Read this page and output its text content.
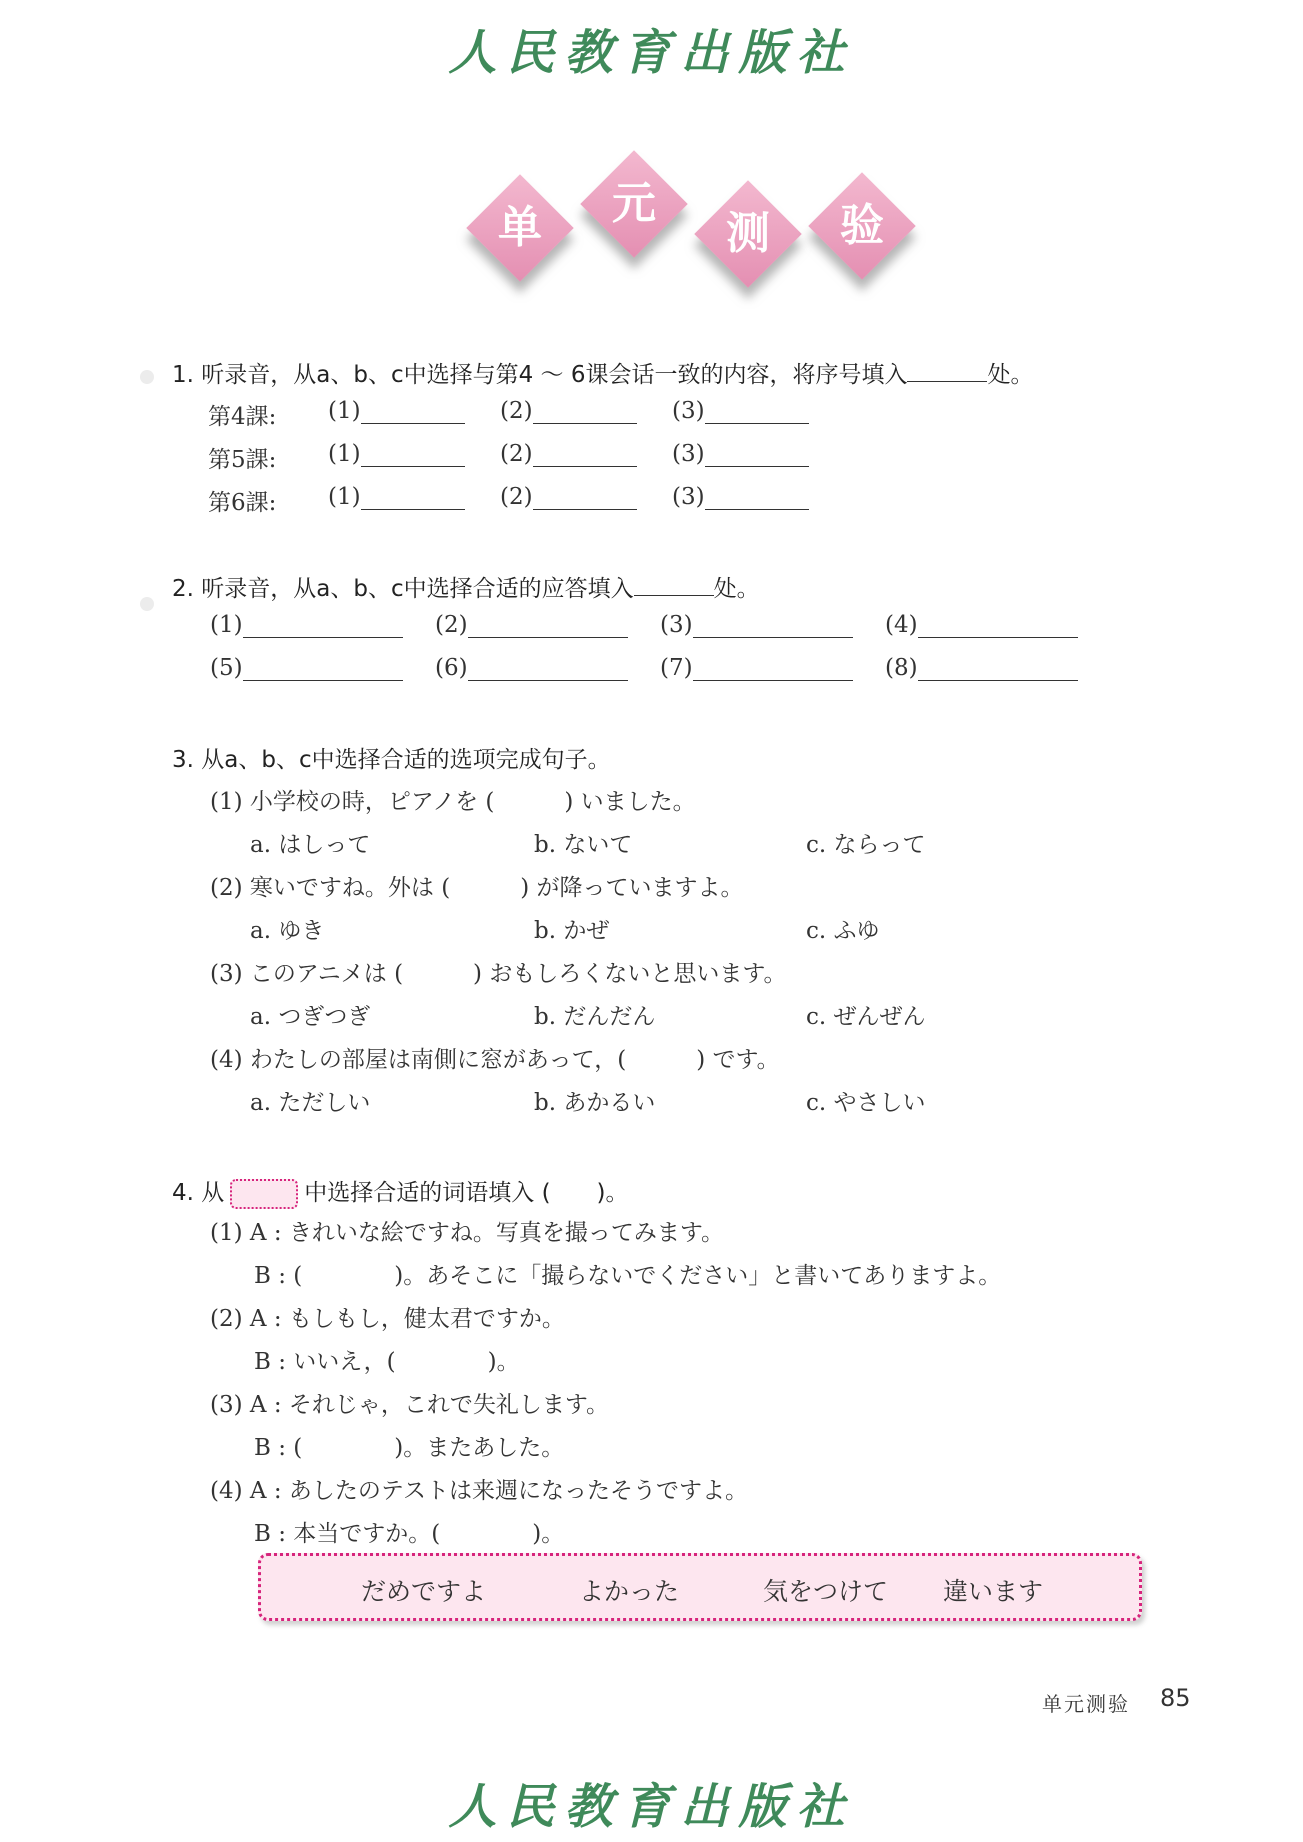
人民教育出版社
单	元
测	验
1. 听录音，从a、b、c中选择与第4 ～ 6课会话一致的内容，将序号填入	处。
第4課: (1)	(2)	(3)
第5課: (1)	(2)	(3)
第6課: (1)	(2)	(3)
2. 听录音，从a、b、c中选择合适的应答填入	处。
(1)	(2)	(3)	(4)
(5)	(6)	(7)	(8)
3. 从a、b、c中选择合适的选项完成句子。
(1) 小学校の時，ピアノを (	) いました。
a. はしって	b. ないて	c. ならって
(2) 寒いですね。外は (	) が降っていますよ。
a. ゆき	b. かぜ	c. ふゆ
(3) このアニメは (	) おもしろくないと思います。
a. つぎつぎ	b. だんだん	c. ぜんぜん
(4) わたしの部屋は南側に窓があって，(	) です。
a. ただしい	b. あかるい	c. やさしい
4. 从	中选择合适的词语填入 (　　)。
(1) A : きれいな絵ですね。写真を撮ってみます。
B : (　　　　)。あそこに「撮らないでください」と書いてありますよ。
(2) A : もしもし，健太君ですか。
B : いいえ，(　　　　)。
(3) A : それじゃ，これで失礼します。
B : (　　　　)。またあした。
(4) A : あしたのテストは来週になったそうですよ。
B : 本当ですか。(　　　　)。
だめですよ	よかった	気をつけて 違います
单元测验 85
人民教育出版社
